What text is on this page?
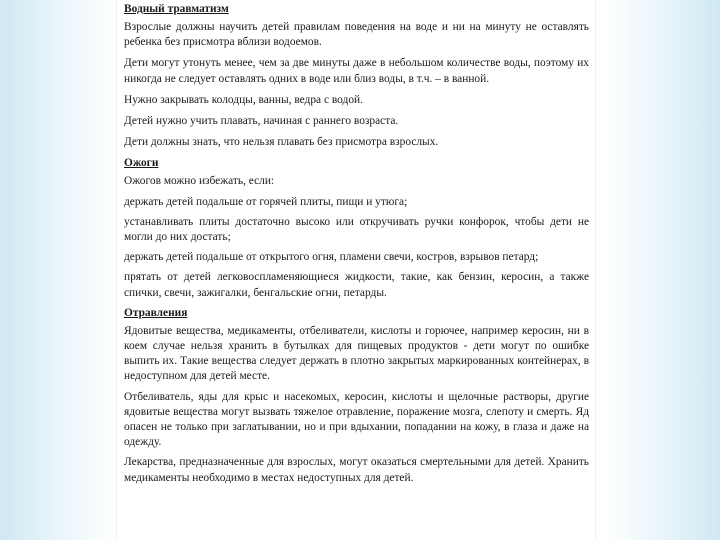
Водный травматизм

Взрослые должны научить детей правилам поведения на воде и ни на минуту не оставлять ребенка без присмотра вблизи водоемов.

Дети могут утонуть менее, чем за две минуты даже в небольшом количестве воды, поэтому их никогда не следует оставлять одних в воде или близ воды, в т.ч. – в ванной.

Нужно закрывать колодцы, ванны, ведра с водой.

Детей нужно учить плавать, начиная с раннего возраста.

Дети должны знать, что нельзя плавать без присмотра взрослых.

Ожоги

Ожогов можно избежать, если:

держать детей подальше от горячей плиты, пищи и утюга;

устанавливать плиты достаточно высоко или откручивать ручки конфорок, чтобы дети не могли до них достать;

держать детей подальше от открытого огня, пламени свечи, костров, взрывов петард;

прятать от детей легковоспламеняющиеся жидкости, такие, как бензин, керосин, а также спички, свечи, зажигалки, бенгальские огни, петарды.

Отравления

Ядовитые вещества, медикаменты, отбеливатели, кислоты и горючее, например керосин, ни в коем случае нельзя хранить в бутылках для пищевых продуктов - дети могут по ошибке выпить их. Такие вещества следует держать в плотно закрытых маркированных контейнерах, в недоступном для детей месте.

Отбеливатель, яды для крыс и насекомых, керосин, кислоты и щелочные растворы, другие ядовитые вещества могут вызвать тяжелое отравление, поражение мозга, слепоту и смерть. Яд опасен не только при заглатывании, но и при вдыхании, попадании на кожу, в глаза и даже на одежду.

Лекарства, предназначенные для взрослых, могут оказаться смертельными для детей. Хранить медикаменты необходимо в местах недоступных для детей.
